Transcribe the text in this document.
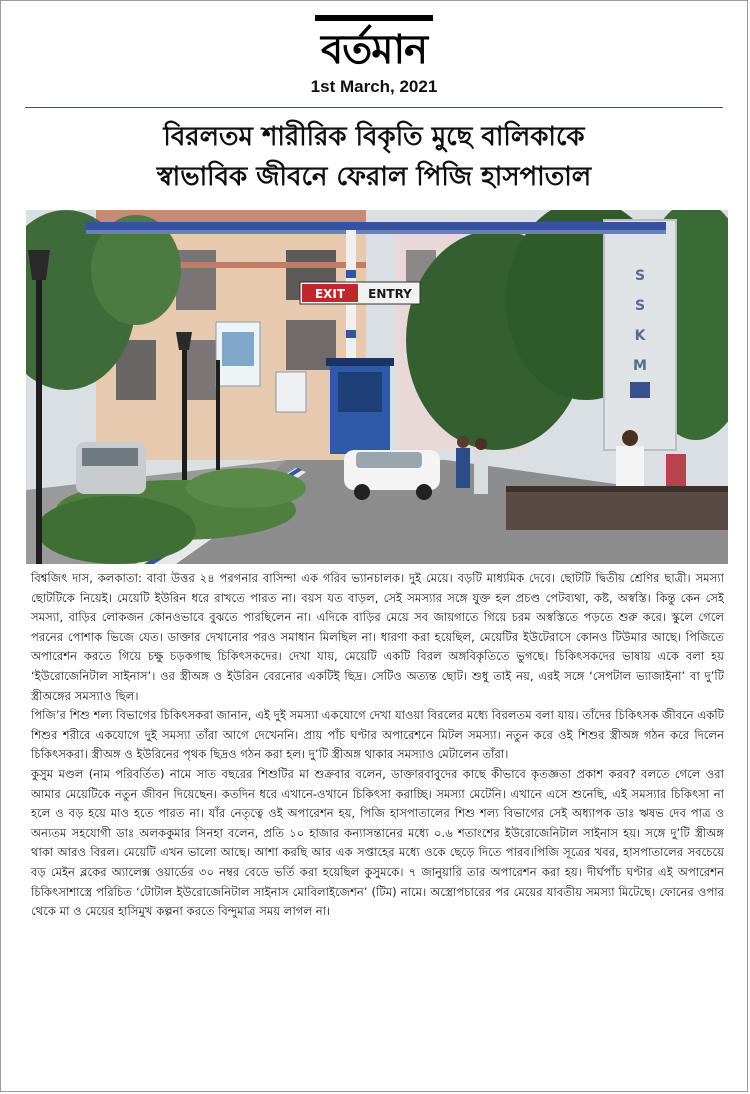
বর্তমান
1st March, 2021
বিরলতম শারীরিক বিকৃতি মুছে বালিকাকে
স্বাভাবিক জীবনে ফেরাল পিজি হাসপাতাল
S
S
K
M
EXIT ENTRY

বিশ্বজিৎ দাস, কলকাতা: বাবা উত্তর ২৪ পরগনার বাসিন্দা এক গরিব ভ্যানচালক। দুই মেয়ে। বড়টি মাধ্যমিক দেবে। ছোটটি দ্বিতীয় শ্রেণির ছাত্রী। সমস্যা ছোটটিকে নিয়েই। মেয়েটি ইউরিন ধরে রাখতে পারত না। বয়স যত বাড়ল, সেই সমস্যার সঙ্গে যুক্ত হল প্রচণ্ড পেটব্যথা, কষ্ট, অস্বস্তি। কিন্তু কেন সেই সমস্যা, বাড়ির লোকজন কোনওভাবে বুঝতে পারছিলেন না। এদিকে বাড়ির মেয়ে সব জায়গাতে গিয়ে চরম অস্বস্তিতে পড়তে শুরু করে। স্কুলে গেলে পরনের পোশাক ভিজে যেত। ডাক্তার দেখানোর পরও সমাধান মিলছিল না। ধারণা করা হয়েছিল, মেয়েটির ইউটেরাসে কোনও টিউমার আছে। পিজিতে অপারেশন করতে গিয়ে চক্ষু চড়কগাছ চিকিৎসকদের। দেখা যায়, মেয়েটি একটি বিরল অঙ্গবিকৃতিতে ভুগছে। চিকিৎসকদের ভাষায় একে বলা হয় ‘ইউরোজেনিটাল সাইনাস’। ওর স্ত্রীঅঙ্গ ও ইউরিন বেরনোর একটিই ছিদ্র। সেটিও অত্যন্ত ছোট। শুধু তাই নয়, এরই সঙ্গে ‘সেপটাল ভ্যাজাইনা’ বা দু’টি স্ত্রীঅঙ্গের সমস্যাও ছিল।

পিজি’র শিশু শল্য বিভাগের চিকিৎসকরা জানান, এই দুই সমস্যা একযোগে দেখা যাওয়া বিরলের মধ্যে বিরলতম বলা যায়। তাঁদের চিকিৎসক জীবনে একটি শিশুর শরীরে একযোগে দুই সমস্যা তাঁরা আগে দেখেননি। প্রায় পাঁচ ঘণ্টার অপারেশনে মিটল সমস্যা। নতুন করে ওই শিশুর স্ত্রীঅঙ্গ গঠন করে দিলেন চিকিৎসকরা। স্ত্রীঅঙ্গ ও ইউরিনের পৃথক ছিদ্রও গঠন করা হল। দু’টি স্ত্রীঅঙ্গ থাকার সমস্যাও মেটালেন তাঁরা।

কুসুম মণ্ডল (নাম পরিবর্তিত) নামে সাত বছরের শিশুটির মা শুক্রবার বলেন, ডাক্তারবাবুদের কাছে কীভাবে কৃতজ্ঞতা প্রকাশ করব? বলতে গেলে ওরা আমার মেয়েটিকে নতুন জীবন দিয়েছেন। কতদিন ধরে এখানে-ওখানে চিকিৎসা করাচ্ছি। সমস্যা মেটেনি। এখানে এসে শুনেছি, এই সমস্যার চিকিৎসা না হলে ও বড় হয়ে মাও হতে পারত না। যাঁর নেতৃত্বে ওই অপারেশন হয়, পিজি হাসপাতালের শিশু শল্য বিভাগের সেই অধ্যাপক ডাঃ ঋষভ দেব পাত্র ও অন্যতম সহযোগী ডাঃ অলককুমার সিনহা বলেন, প্রতি ১০ হাজার কন্যাসন্তানের মধ্যে ০.৬ শতাংশের ইউরোজেনিটাল সাইনাস হয়। সঙ্গে দু’টি স্ত্রীঅঙ্গ থাকা আরও বিরল। মেয়েটি এখন ভালো আছে। আশা করছি আর এক সপ্তাহের মধ্যে ওকে ছেড়ে দিতে পারব।পিজি সূত্রের খবর, হাসপাতালের সবচেয়ে বড় মেইন ব্লকের অ্যালেক্স ওয়ার্ডের ৩০ নম্বর বেডে ভর্তি করা হয়েছিল কুসুমকে। ৭ জানুয়ারি তার অপারেশন করা হয়। দীর্ঘপাঁচ ঘণ্টার এই অপারেশন চিকিৎসাশাস্ত্রে পরিচিত ‘টোটাল ইউরোজেনিটাল সাইনাস মোবিলাইজেশন’ (টিম) নামে। অস্ত্রোপচারের পর মেয়ের যাবতীয় সমস্যা মিটেছে। ফোনের ওপার থেকে মা ও মেয়ের হাসিমুখ কল্পনা করতে বিন্দুমাত্র সময় লাগল না।
